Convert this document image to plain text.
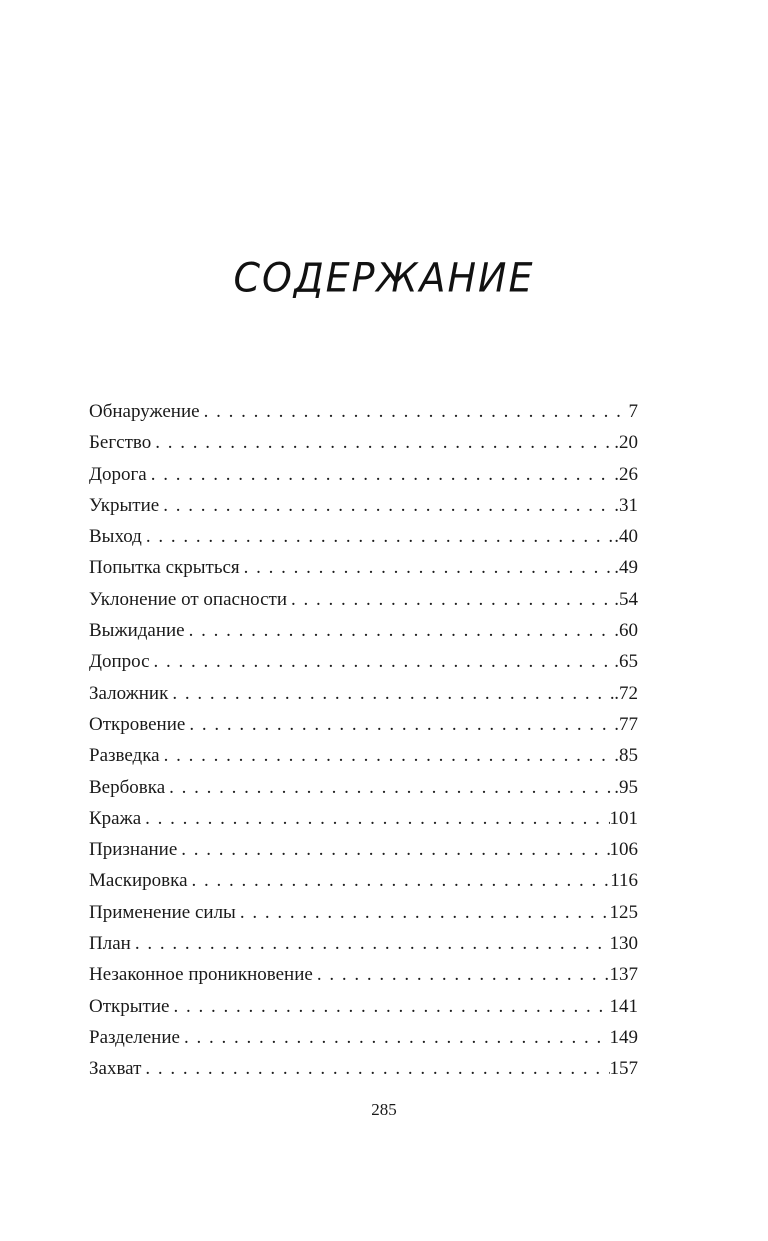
СОДЕРЖАНИЕ
Обнаружение . . .	7
Бегство . . .	.20
Дорога . . .	.26
Укрытие . . .	.31
Выход . . .	.40
Попытка скрыться . . .	.49
Уклонение от опасности . . .	.54
Выжидание . . .	.60
Допрос . . .	.65
Заложник . . .	.72
Откровение . . .	.77
Разведка . . .	.85
Вербовка . . .	.95
Кража . . .	101
Признание . . .	106
Маскировка . . .	116
Применение силы . . .	125
План . . .	130
Незаконное проникновение . . .	137
Открытие . . .	141
Разделение . . .	149
Захват . . .	157
285
